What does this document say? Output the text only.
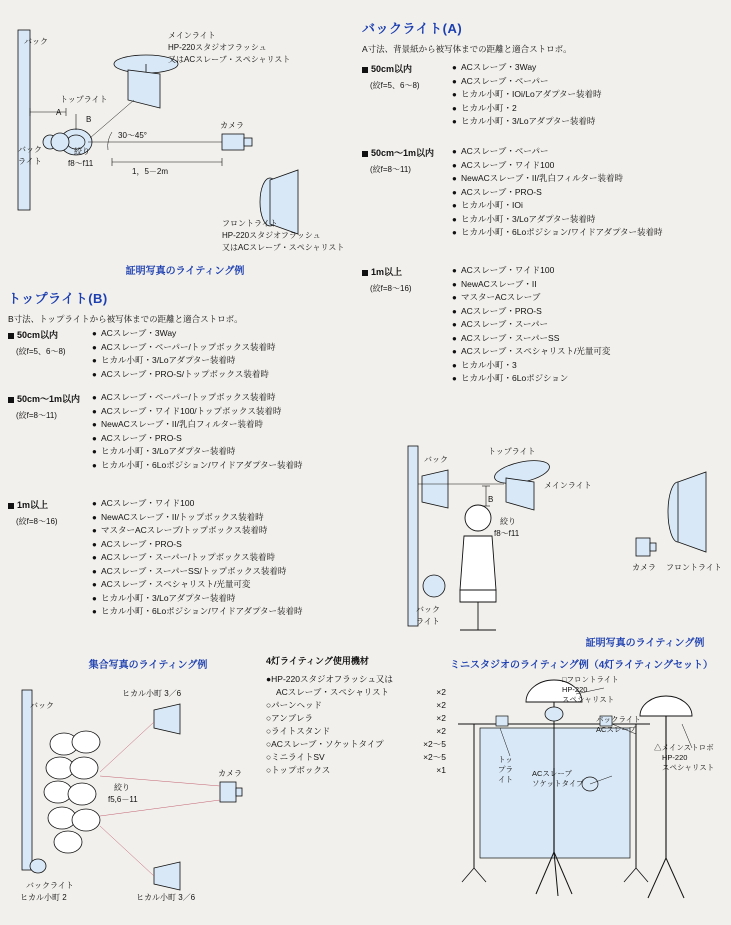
バック
メインライト
HP-220スタジオフラッシュ
又はACスレーブ・スペシャリスト
A
トップライト
B
バック
ライト
絞り
f8～f11
30～45°
1，5－2m
カメラ
フロントライト
HP-220スタジオフラッシュ
又はACスレーブ・スペシャリスト
証明写真のライティング例
バックライト(A)
A寸法、背景紙から被写体までの距離と適合ストロボ。
50cm以内
(絞f=5、6～8)
● ACスレーブ・3Way
● ACスレーブ・ベーパー
● ヒカル小町・IOi/Loアダプター装着時
● ヒカル小町・2
● ヒカル小町・3/Loアダプター装着時
50cm～1m以内
(絞f=8～11)
● ACスレーブ・ベーパー
● ACスレーブ・ワイド100
● NewACスレーブ・II/乳白フィルター装着時
● ACスレーブ・PRO-S
● ヒカル小町・IOi
● ヒカル小町・3/Loアダプター装着時
● ヒカル小町・6Loポジション/ワイドアダプター装着時
1m以上
(絞f=8～16)
● ACスレーブ・ワイド100
● NewACスレーブ・II
● マスターACスレーブ
● ACスレーブ・PRO-S
● ACスレーブ・スーパー
● ACスレーブ・スーパーSS
● ACスレーブ・スペシャリスト/光量可変
● ヒカル小町・3
● ヒカル小町・6Loポジション
トップライト(B)
B寸法、トップライトから被写体までの距離と適合ストロボ。
50cm以内
(絞f=5、6～8)
● ACスレーブ・3Way
● ACスレーブ・ベーパー/トップボックス装着時
● ヒカル小町・3/Loアダプター装着時
● ACスレーブ・PRO-S/トップボックス装着時
50cm～1m以内
(絞f=8～11)
● ACスレーブ・ベーパー/トップボックス装着時
● ACスレーブ・ワイド100/トップボックス装着時
● NewACスレーブ・II/乳白フィルター装着時
● ACスレーブ・PRO-S
● ヒカル小町・3/Loアダプター装着時
● ヒカル小町・6Loポジション/ワイドアダプター装着時
1m以上
(絞f=8～16)
● ACスレーブ・ワイド100
● NewACスレーブ・II/トップボックス装着時
● マスターACスレーブ/トップボックス装着時
● ACスレーブ・PRO-S
● ACスレーブ・スーパー/トップボックス装着時
● ACスレーブ・スーパーSS/トップボックス装着時
● ACスレーブ・スペシャリスト/光量可変
● ヒカル小町・3/Loアダプター装着時
● ヒカル小町・6Loポジション/ワイドアダプター装着時
バック
トップライト
メインライト
B
絞り
f8～f11
バック
ライト
カメラ フロントライト
証明写真のライティング例
集合写真のライティング例
バック
ヒカル小町 3／6
絞り
f5,6－11
カメラ
バックライト
ヒカル小町 2	ヒカル小町 3／6
4灯ライティング使用機材
●HP-220スタジオフラッシュ又は
ACスレーブ・スペシャリスト	×2
○パーンヘッド	×2
○アンブレラ	×2
○ライトスタンド	×2
○ACスレーブ・ソケットタイプ	×2～5
○ミニライトSV	×2～5
○トップボックス	×1
ミニスタジオのライティング例（4灯ライティングセット）
□フロントライト
HP-220
スペシャリスト
バックライト
ACスレーブ
トッ
プラ
イト
ACスレーブ
ソケットタイプ
△メインストロボ
HP-220
スペシャリスト
